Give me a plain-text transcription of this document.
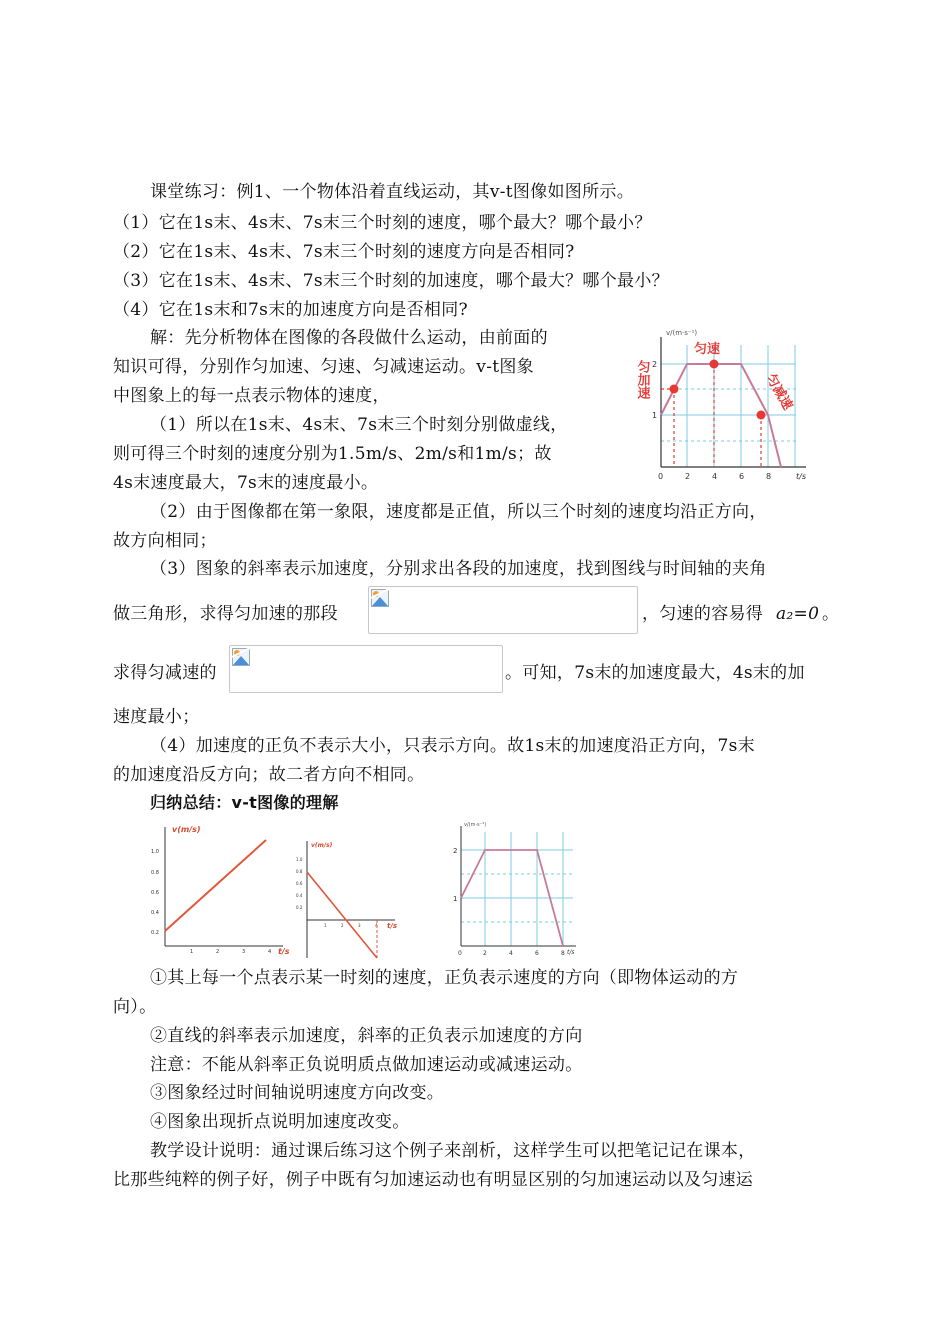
课堂练习：例1、一个物体沿着直线运动，其v-t图像如图所示。
（1）它在1s末、4s末、7s末三个时刻的速度，哪个最大？哪个最小？
（2）它在1s末、4s末、7s末三个时刻的速度方向是否相同?
（3）它在1s末、4s末、7s末三个时刻的加速度，哪个最大？哪个最小？
（4）它在1s末和7s末的加速度方向是否相同?
解：先分析物体在图像的各段做什么运动，由前面的
知识可得，分别作匀加速、匀速、匀减速运动。v-t图象
中图象上的每一点表示物体的速度，
（1）所以在1s末、4s末、7s末三个时刻分别做虚线，
则可得三个时刻的速度分别为1.5m/s、2m/s和1m/s；故
4s末速度最大，7s末的速度最小。
（2）由于图像都在第一象限，速度都是正值，所以三个时刻的速度均沿正方向，
故方向相同；
（3）图象的斜率表示加速度，分别求出各段的加速度，找到图线与时间轴的夹角
做三角形，求得匀加速的那段	，匀速的容易得 a₂=0 。
求得匀减速的	。可知，7s末的加速度最大，4s末的加
速度最小；
（4）加速度的正负不表示大小，只表示方向。故1s末的加速度沿正方向，7s末
的加速度沿反方向；故二者方向不相同。
归纳总结：v-t图像的理解
①其上每一个点表示某一时刻的速度，正负表示速度的方向（即物体运动的方
向）。
②直线的斜率表示加速度，斜率的正负表示加速度的方向
注意：不能从斜率正负说明质点做加速运动或减速运动。
③图象经过时间轴说明速度方向改变。
④图象出现折点说明加速度改变。
教学设计说明：通过课后练习这个例子来剖析，这样学生可以把笔记记在课本，
比那些纯粹的例子好，例子中既有匀加速运动也有明显区别的匀加速运动以及匀速运
v/(m·s⁻¹)
t/s
2
1
0	2	4	6	8
匀速
匀加速	匀减速
v(m/s)
t/s
1.0
0.8
0.6
0.4
0.2
1	2	3	4
v(m/s)
t/s
1.0
0.8
0.6
0.4
0.2
1	2	3	4
v/(m·s⁻¹)
t/s
2
1
0	2	4	6	8
